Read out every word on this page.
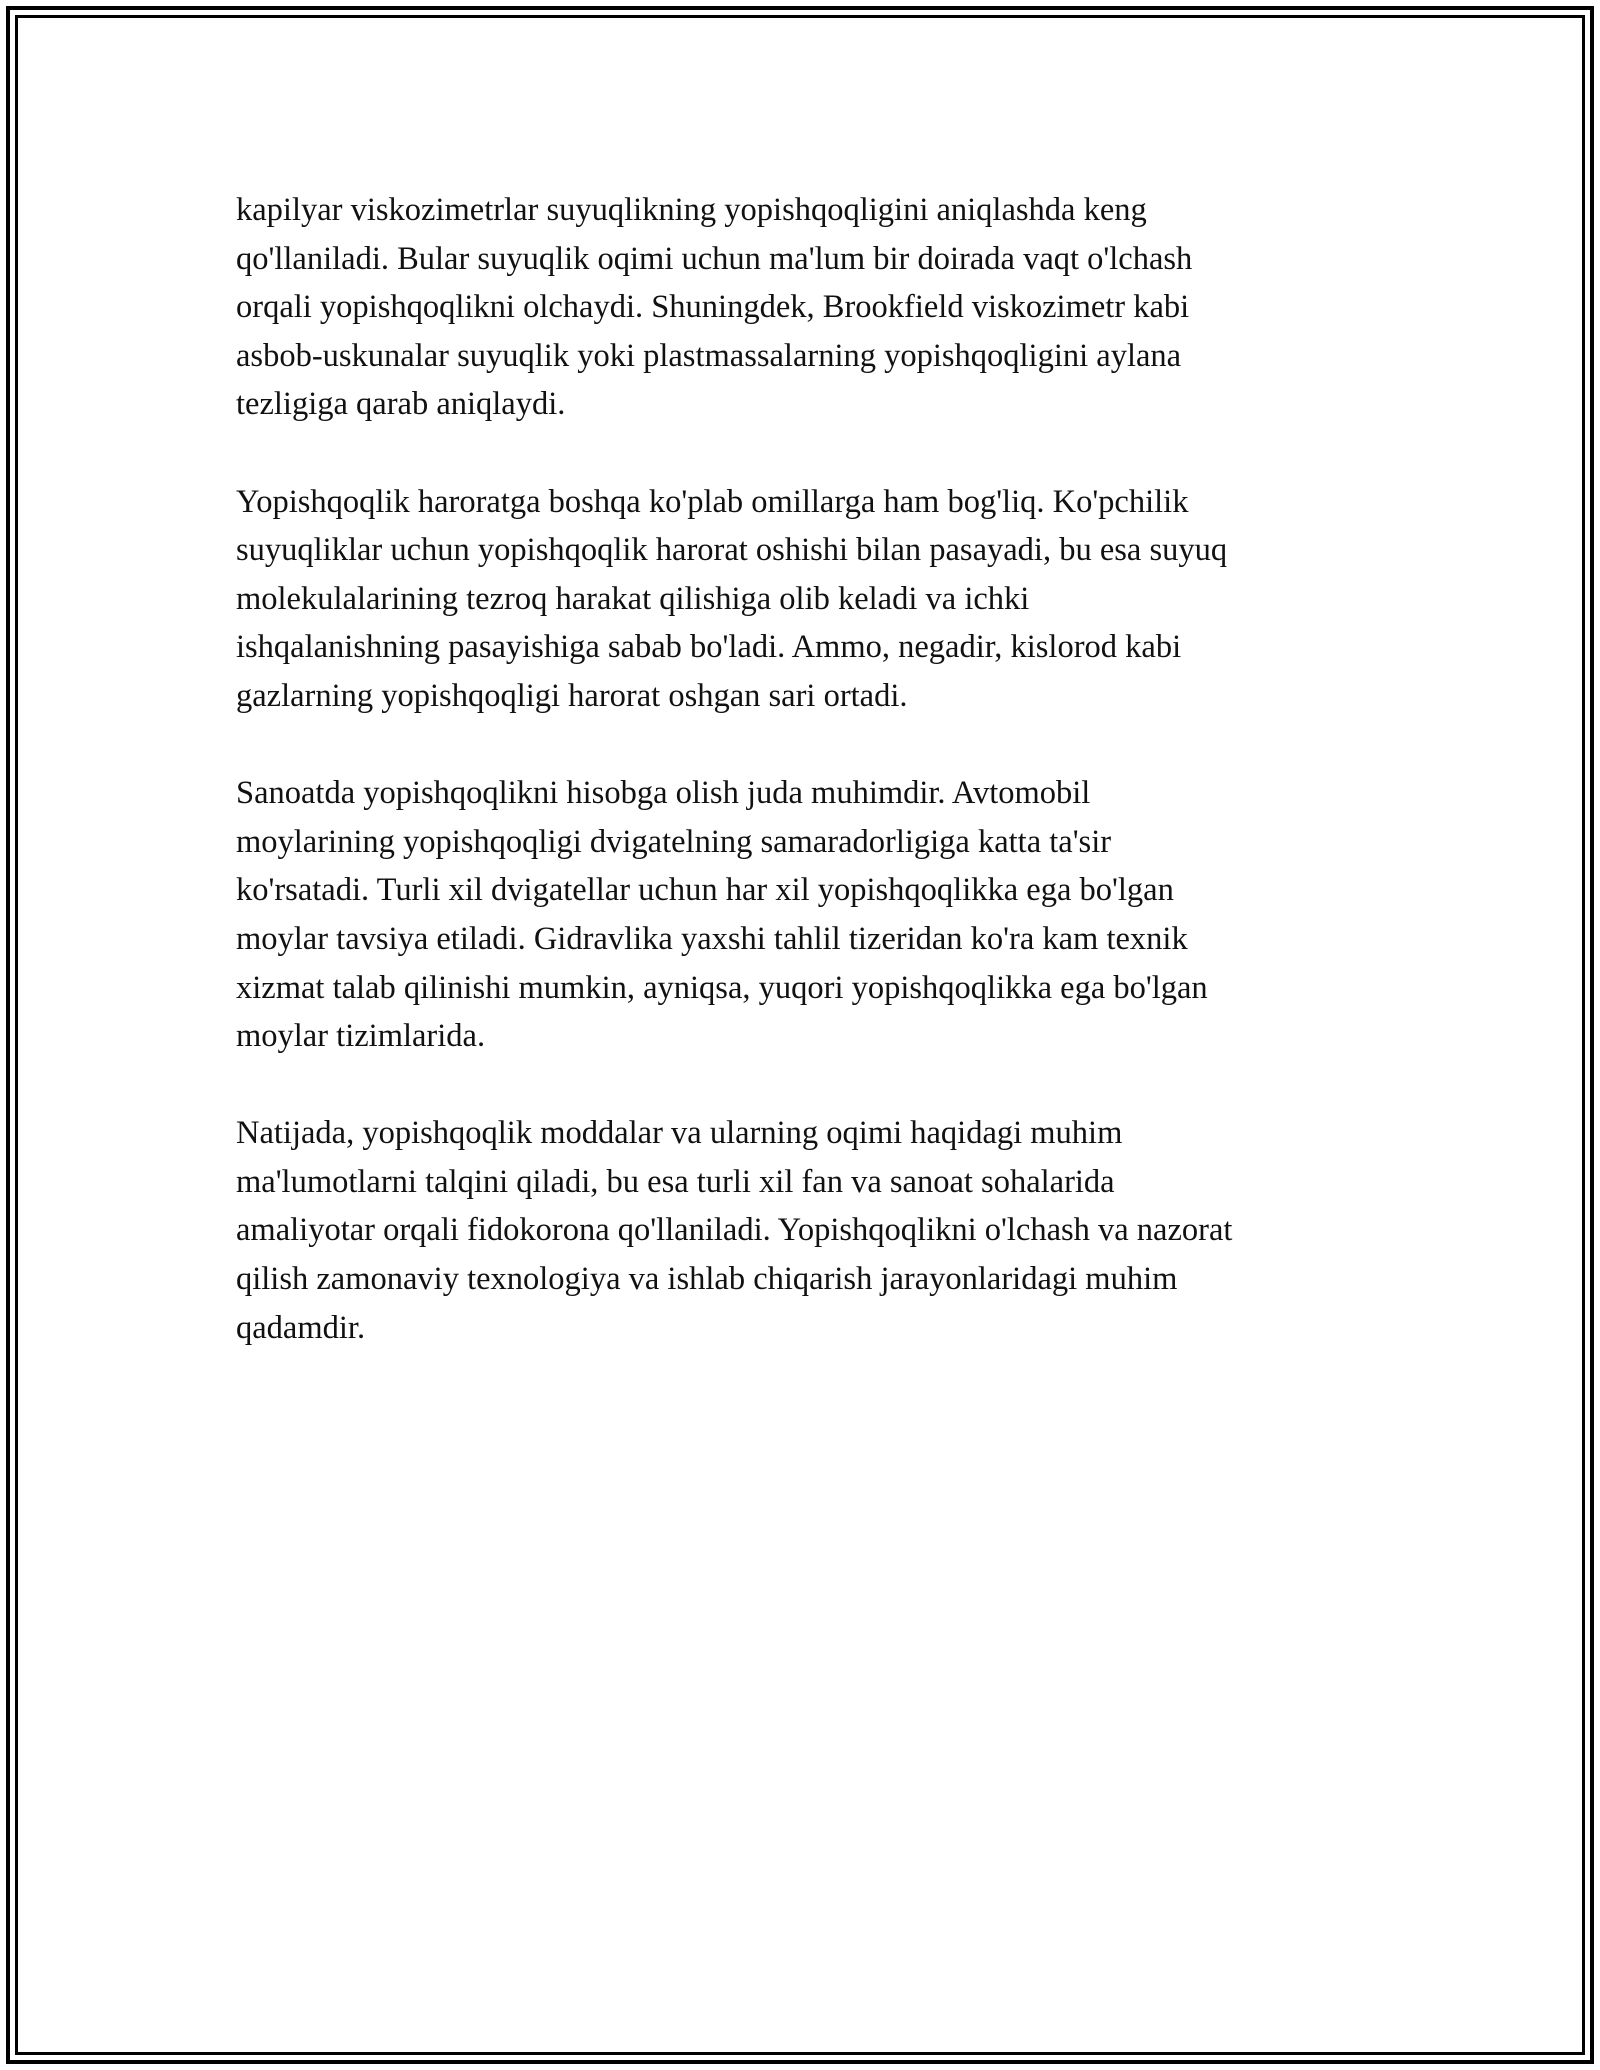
kapilyar viskozimetrlar suyuqlikning yopishqoqligini aniqlashda keng
qo'llaniladi. Bular suyuqlik oqimi uchun ma'lum bir doirada vaqt o'lchash
orqali yopishqoqlikni olchaydi. Shuningdek, Brookfield viskozimetr kabi
asbob-uskunalar suyuqlik yoki plastmassalarning yopishqoqligini aylana
tezligiga qarab aniqlaydi.

Yopishqoqlik haroratga boshqa ko'plab omillarga ham bog'liq. Ko'pchilik
suyuqliklar uchun yopishqoqlik harorat oshishi bilan pasayadi, bu esa suyuq
molekulalarining tezroq harakat qilishiga olib keladi va ichki
ishqalanishning pasayishiga sabab bo'ladi. Ammo, negadir, kislorod kabi
gazlarning yopishqoqligi harorat oshgan sari ortadi.

Sanoatda yopishqoqlikni hisobga olish juda muhimdir. Avtomobil
moylarining yopishqoqligi dvigatelning samaradorligiga katta ta'sir
ko'rsatadi. Turli xil dvigatellar uchun har xil yopishqoqlikka ega bo'lgan
moylar tavsiya etiladi. Gidravlika yaxshi tahlil tizeridan ko'ra kam texnik
xizmat talab qilinishi mumkin, ayniqsa, yuqori yopishqoqlikka ega bo'lgan
moylar tizimlarida.

Natijada, yopishqoqlik moddalar va ularning oqimi haqidagi muhim
ma'lumotlarni talqini qiladi, bu esa turli xil fan va sanoat sohalarida
amaliyotar orqali fidokorona qo'llaniladi. Yopishqoqlikni o'lchash va nazorat
qilish zamonaviy texnologiya va ishlab chiqarish jarayonlaridagi muhim
qadamdir.
